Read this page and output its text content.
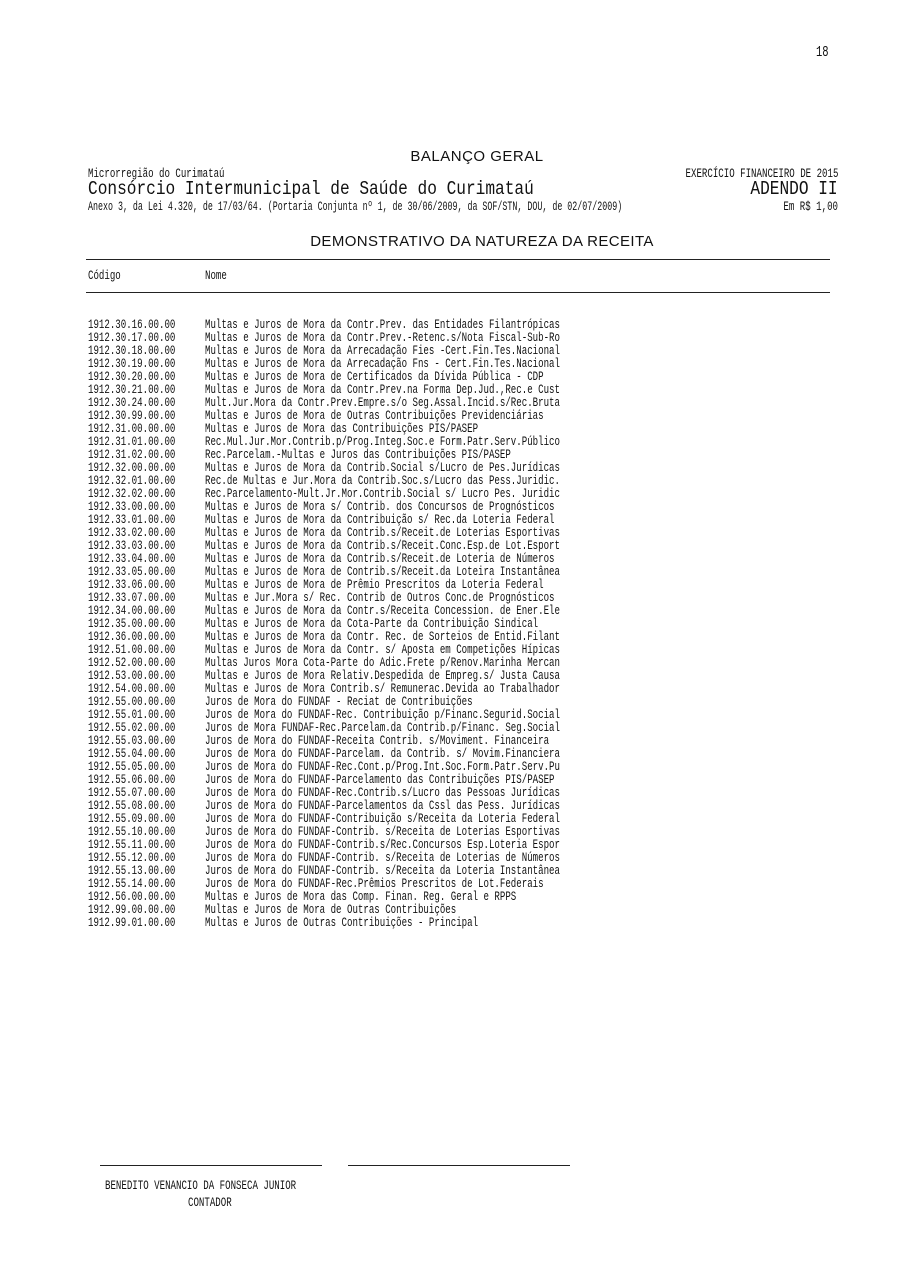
18
BALANÇO GERAL
Microrregião do Curimataú	EXERCÍCIO FINANCEIRO DE 2015
Consórcio Intermunicipal de Saúde do Curimataú	ADENDO II
Anexo 3, da Lei 4.320, de 17/03/64. (Portaria Conjunta nº 1, de 30/06/2009, da SOF/STN, DOU, de 02/07/2009)	Em R$ 1,00
DEMONSTRATIVO DA NATUREZA DA RECEITA
Código	Nome
1912.30.16.00.00 Multas e Juros de Mora da Contr.Prev. das Entidades Filantrópicas
1912.30.17.00.00 Multas e Juros de Mora da Contr.Prev.-Retenc.s/Nota Fiscal-Sub-Ro
1912.30.18.00.00 Multas e Juros de Mora da Arrecadação Fies -Cert.Fin.Tes.Nacional
1912.30.19.00.00 Multas e Juros de Mora da Arrecadação Fns - Cert.Fin.Tes.Nacional
1912.30.20.00.00 Multas e Juros de Mora de Certificados da Dívida Pública - CDP
1912.30.21.00.00 Multas e Juros de Mora da Contr.Prev.na Forma Dep.Jud.,Rec.e Cust
1912.30.24.00.00 Mult.Jur.Mora da Contr.Prev.Empre.s/o Seg.Assal.Incid.s/Rec.Bruta
1912.30.99.00.00 Multas e Juros de Mora de Outras Contribuições Previdenciárias
1912.31.00.00.00 Multas e Juros de Mora das Contribuições PIS/PASEP
1912.31.01.00.00 Rec.Mul.Jur.Mor.Contrib.p/Prog.Integ.Soc.e Form.Patr.Serv.Público
1912.31.02.00.00 Rec.Parcelam.-Multas e Juros das Contribuições PIS/PASEP
1912.32.00.00.00 Multas e Juros de Mora da Contrib.Social s/Lucro de Pes.Jurídicas
1912.32.01.00.00 Rec.de Multas e Jur.Mora da Contrib.Soc.s/Lucro das Pess.Juridic.
1912.32.02.00.00 Rec.Parcelamento-Mult.Jr.Mor.Contrib.Social s/ Lucro Pes. Juridic
1912.33.00.00.00 Multas e Juros de Mora s/ Contrib. dos Concursos de Prognósticos
1912.33.01.00.00 Multas e Juros de Mora da Contribuição s/ Rec.da Loteria Federal
1912.33.02.00.00 Multas e Juros de Mora da Contrib.s/Receit.de Loterias Esportivas
1912.33.03.00.00 Multas e Juros de Mora da Contrib.s/Receit.Conc.Esp.de Lot.Esport
1912.33.04.00.00 Multas e Juros de Mora da Contrib.s/Receit.de Loteria de Números
1912.33.05.00.00 Multas e Juros de Mora de Contrib.s/Receit.da Loteira Instantânea
1912.33.06.00.00 Multas e Juros de Mora de Prêmio Prescritos da Loteria Federal
1912.33.07.00.00 Multas e Jur.Mora s/ Rec. Contrib de Outros Conc.de Prognósticos
1912.34.00.00.00 Multas e Juros de Mora da Contr.s/Receita Concession. de Ener.Ele
1912.35.00.00.00 Multas e Juros de Mora da Cota-Parte da Contribuição Sindical
1912.36.00.00.00 Multas e Juros de Mora da Contr. Rec. de Sorteios de Entid.Filant
1912.51.00.00.00 Multas e Juros de Mora da Contr. s/ Aposta em Competições Hípicas
1912.52.00.00.00 Multas Juros Mora Cota-Parte do Adic.Frete p/Renov.Marinha Mercan
1912.53.00.00.00 Multas e Juros de Mora Relativ.Despedida de Empreg.s/ Justa Causa
1912.54.00.00.00 Multas e Juros de Mora Contrib.s/ Remunerac.Devida ao Trabalhador
1912.55.00.00.00 Juros de Mora do FUNDAF - Reciat de Contribuições
1912.55.01.00.00 Juros de Mora do FUNDAF-Rec. Contribuição p/Financ.Segurid.Social
1912.55.02.00.00 Juros de Mora FUNDAF-Rec.Parcelam.da Contrib.p/Financ. Seg.Social
1912.55.03.00.00 Juros de Mora do FUNDAF-Receita Contrib. s/Moviment. Financeira
1912.55.04.00.00 Juros de Mora do FUNDAF-Parcelam. da Contrib. s/ Movim.Financiera
1912.55.05.00.00 Juros de Mora do FUNDAF-Rec.Cont.p/Prog.Int.Soc.Form.Patr.Serv.Pu
1912.55.06.00.00 Juros de Mora do FUNDAF-Parcelamento das Contribuições PIS/PASEP
1912.55.07.00.00 Juros de Mora do FUNDAF-Rec.Contrib.s/Lucro das Pessoas Jurídicas
1912.55.08.00.00 Juros de Mora do FUNDAF-Parcelamentos da Cssl das Pess. Jurídicas
1912.55.09.00.00 Juros de Mora do FUNDAF-Contribuição s/Receita da Loteria Federal
1912.55.10.00.00 Juros de Mora do FUNDAF-Contrib. s/Receita de Loterias Esportivas
1912.55.11.00.00 Juros de Mora do FUNDAF-Contrib.s/Rec.Concursos Esp.Loteria Espor
1912.55.12.00.00 Juros de Mora do FUNDAF-Contrib. s/Receita de Loterias de Números
1912.55.13.00.00 Juros de Mora do FUNDAF-Contrib. s/Receita da Loteria Instantânea
1912.55.14.00.00 Juros de Mora do FUNDAF-Rec.Prêmios Prescritos de Lot.Federais
1912.56.00.00.00 Multas e Juros de Mora das Comp. Finan. Reg. Geral e RPPS
1912.99.00.00.00 Multas e Juros de Mora de Outras Contribuições
1912.99.01.00.00 Multas e Juros de Outras Contribuições - Principal
BENEDITO VENANCIO DA FONSECA JUNIOR
CONTADOR
